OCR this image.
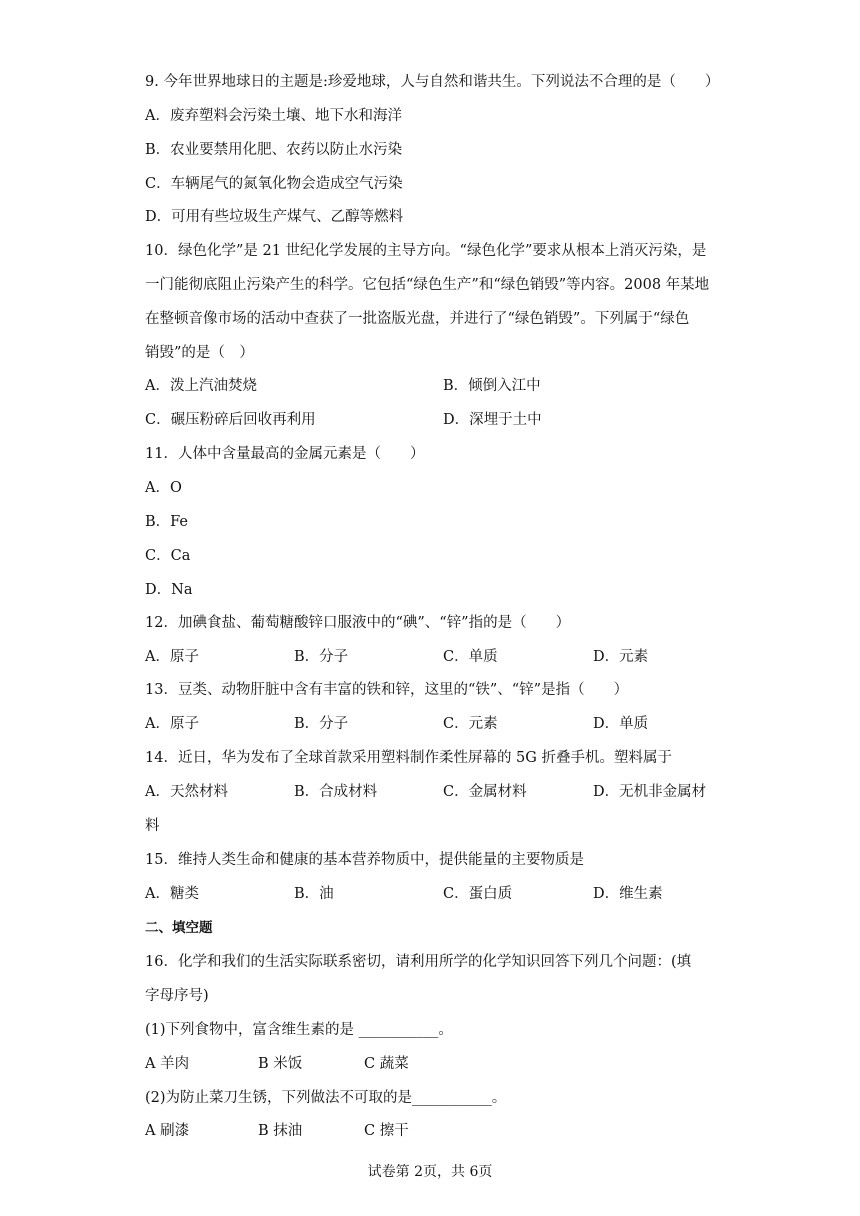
9. 今年世界地球日的主题是:珍爱地球，人与自然和谐共生。下列说法不合理的是（　　）
A．废弃塑料会污染土壤、地下水和海洋
B．农业要禁用化肥、农药以防止水污染
C．车辆尾气的氮氧化物会造成空气污染
D．可用有些垃圾生产煤气、乙醇等燃料
10．绿色化学”是 21 世纪化学发展的主导方向。“绿色化学”要求从根本上消灭污染，是
一门能彻底阻止污染产生的科学。它包括“绿色生产”和“绿色销毁”等内容。2008 年某地
在整顿音像市场的活动中查获了一批盗版光盘，并进行了“绿色销毁”。下列属于“绿色
销毁”的是（　）
A．泼上汽油焚烧	B．倾倒入江中
C．碾压粉碎后回收再利用	D．深埋于土中
11．人体中含量最高的金属元素是（　　）
A．O
B．Fe
C．Ca
D．Na
12．加碘食盐、葡萄糖酸锌口服液中的“碘”、“锌”指的是（　　）
A．原子	B．分子	C．单质	D．元素
13．豆类、动物肝脏中含有丰富的铁和锌，这里的“铁”、“锌”是指（　　）
A．原子	B．分子	C．元素	D．单质
14．近日，华为发布了全球首款采用塑料制作柔性屏幕的 5G 折叠手机。塑料属于
A．天然材料	B．合成材料	C．金属材料	D．无机非金属材
料
15．维持人类生命和健康的基本营养物质中，提供能量的主要物质是
A．糖类	B．油	C．蛋白质	D．维生素
二、填空题
16．化学和我们的生活实际联系密切，请利用所学的化学知识回答下列几个问题：(填
字母序号)
(1)下列食物中，富含维生素的是 ___________。
A 羊肉	B 米饭	C 蔬菜
(2)为防止菜刀生锈，下列做法不可取的是___________。
A 刷漆	B 抹油	C 擦干
试卷第 2页，共 6页
